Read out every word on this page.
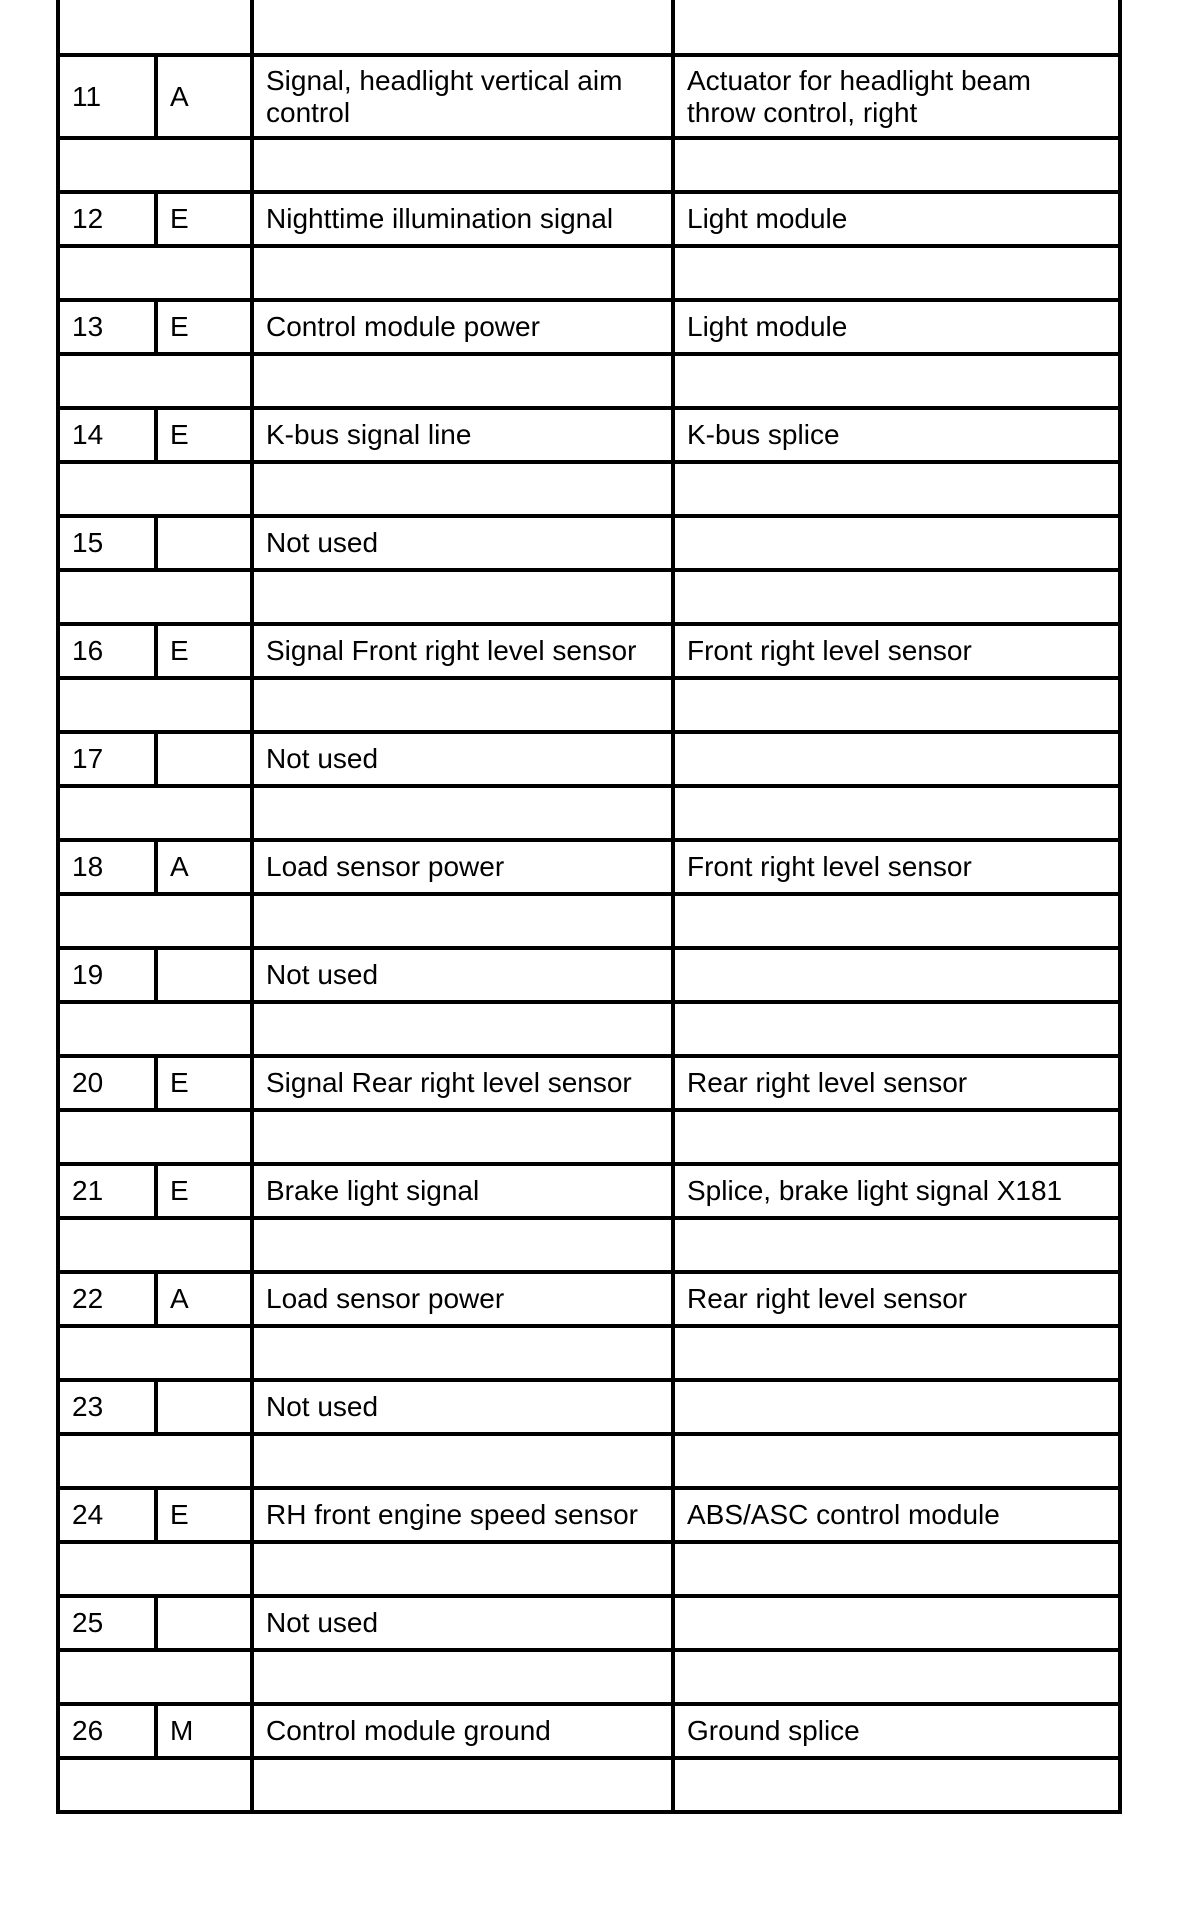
11	A	Signal, headlight vertical aim control	Actuator for headlight beam throw control, right

12	E	Nighttime illumination signal	Light module

13	E	Control module power	Light module

14	E	K-bus signal line	K-bus splice

15		Not used	

16	E	Signal Front right level sensor	Front right level sensor

17		Not used	

18	A	Load sensor power	Front right level sensor

19		Not used	

20	E	Signal Rear right level sensor	Rear right level sensor

21	E	Brake light signal	Splice, brake light signal X181

22	A	Load sensor power	Rear right level sensor

23		Not used	

24	E	RH front engine speed sensor	ABS/ASC control module

25		Not used	

26	M	Control module ground	Ground splice
